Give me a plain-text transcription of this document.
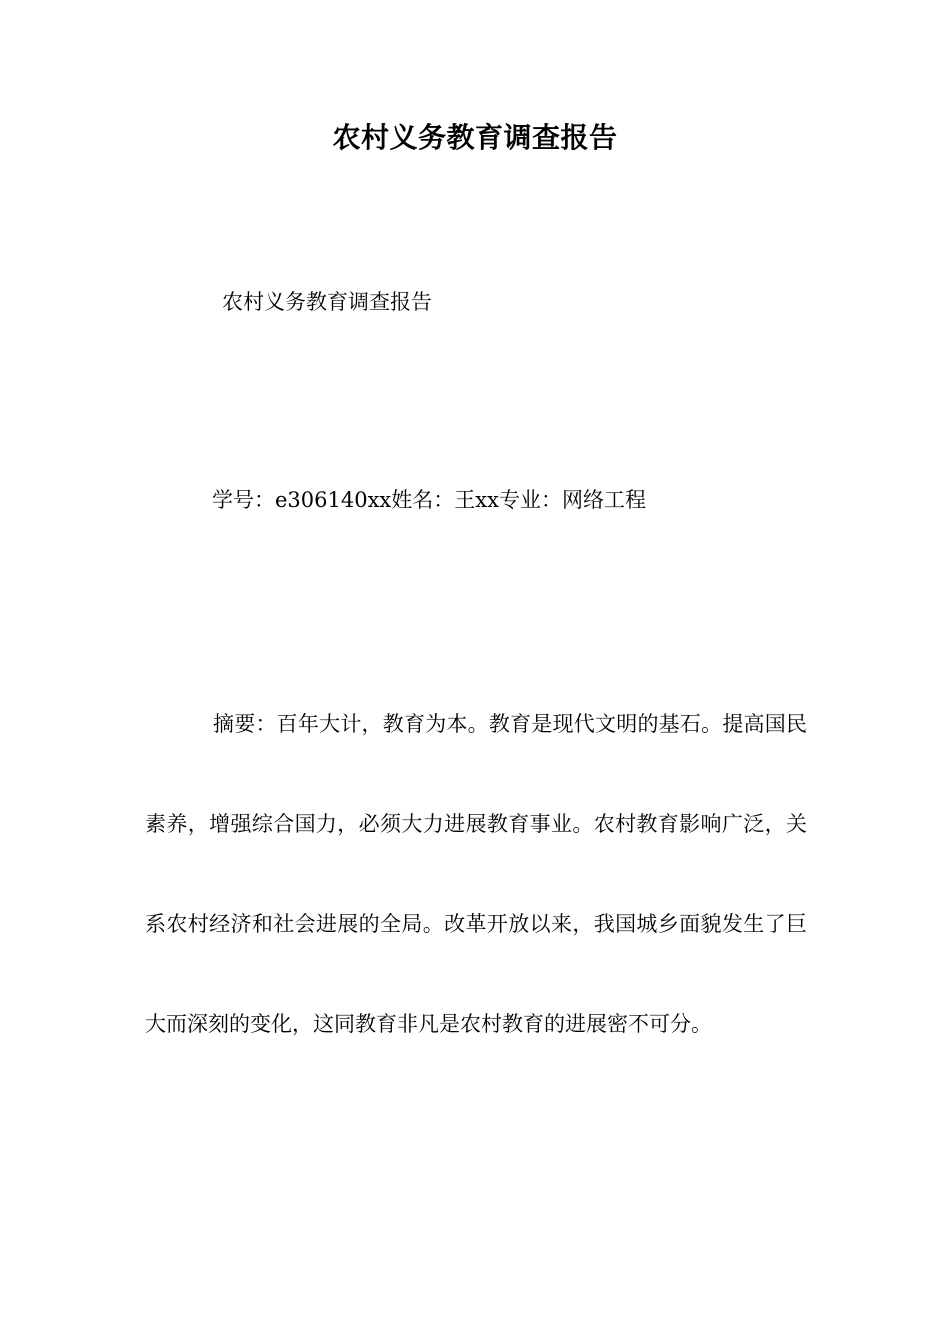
农村义务教育调查报告
农村义务教育调查报告
学号：e306140xx姓名：王xx专业：网络工程

摘要：百年大计，教育为本。教育是现代文明的基石。提高国民素养，增强综合国力，必须大力进展教育事业。农村教育影响广泛，关系农村经济和社会进展的全局。改革开放以来，我国城乡面貌发生了巨大而深刻的变化，这同教育非凡是农村教育的进展密不可分。
